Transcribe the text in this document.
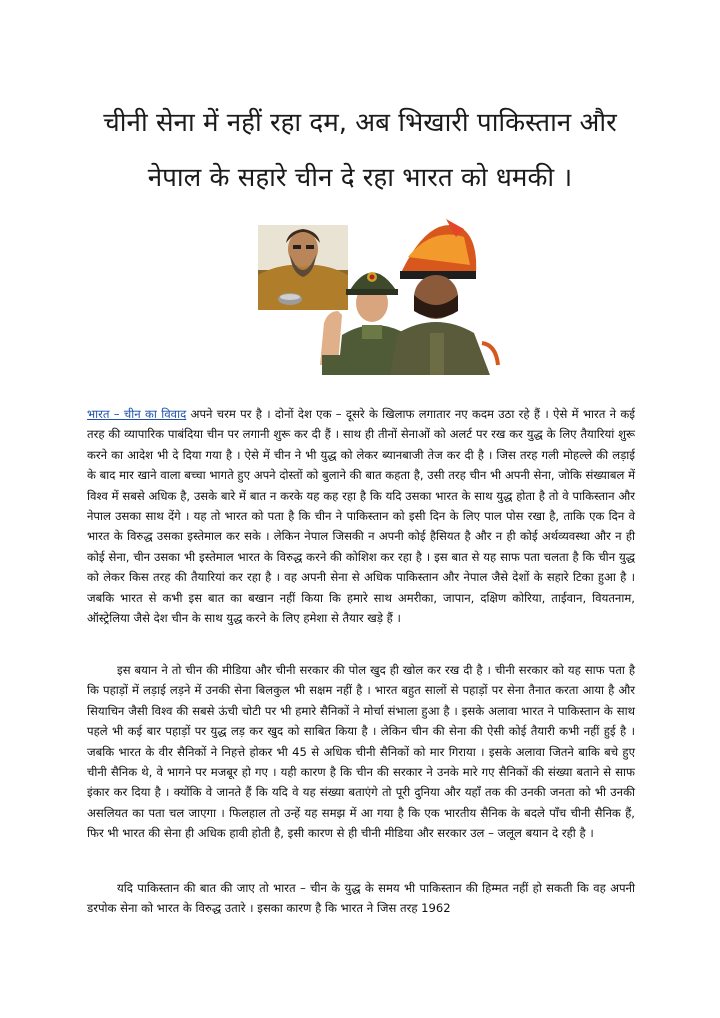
चीनी सेना में नहीं रहा दम, अब भिखारी पाकिस्तान और
नेपाल के सहारे चीन दे रहा भारत को धमकी ।

भारत – चीन का विवाद अपने चरम पर है । दोनों देश एक – दूसरे के खिलाफ लगातार नए कदम उठा रहे हैं । ऐसे में भारत ने कई तरह की व्यापारिक पाबंदिया चीन पर लगानी शुरू कर दी हैं । साथ ही तीनों सेनाओं को अलर्ट पर रख कर युद्ध के लिए तैयारियां शुरू करने का आदेश भी दे दिया गया है । ऐसे में चीन ने भी युद्ध को लेकर ब्यानबाजी तेज कर दी है । जिस तरह गली मोहल्ले की लड़ाई के बाद मार खाने वाला बच्चा भागते हुए अपने दोस्तों को बुलाने की बात कहता है, उसी तरह चीन भी अपनी सेना, जोकि संख्याबल में विश्व में सबसे अधिक है, उसके बारे में बात न करके यह कह रहा है कि यदि उसका भारत के साथ युद्ध होता है तो वे पाकिस्तान और नेपाल उसका साथ देंगे । यह तो भारत को पता है कि चीन ने पाकिस्तान को इसी दिन के लिए पाल पोस रखा है, ताकि एक दिन वे भारत के विरुद्ध उसका इस्तेमाल कर सके । लेकिन नेपाल जिसकी न अपनी कोई हैसियत है और न ही कोई अर्थव्यवस्था और न ही कोई सेना, चीन उसका भी इस्तेमाल भारत के विरुद्ध करने की कोशिश कर रहा है । इस बात से यह साफ पता चलता है कि चीन युद्ध को लेकर किस तरह की तैयारियां कर रहा है । वह अपनी सेना से अधिक पाकिस्तान और नेपाल जैसे देशों के सहारे टिका हुआ है । जबकि भारत से कभी इस बात का बखान नहीं किया कि हमारे साथ अमरीका, जापान, दक्षिण कोरिया, ताईवान, वियतनाम, ऑस्ट्रेलिया जैसे देश चीन के साथ युद्ध करने के लिए हमेशा से तैयार खड़े हैं ।

इस बयान ने तो चीन की मीडिया और चीनी सरकार की पोल खुद ही खोल कर रख दी है । चीनी सरकार को यह साफ पता है कि पहाड़ों में लड़ाई लड़ने में उनकी सेना बिलकुल भी सक्षम नहीं है । भारत बहुत सालों से पहाड़ों पर सेना तैनात करता आया है और सियाचिन जैसी विश्व की सबसे ऊंची चोटी पर भी हमारे सैनिकों ने मोर्चा संभाला हुआ है । इसके अलावा भारत ने पाकिस्तान के साथ पहले भी कई बार पहाड़ों पर युद्ध लड़ कर खुद को साबित किया है । लेकिन चीन की सेना की ऐसी कोई तैयारी कभी नहीं हुई है । जबकि भारत के वीर सैनिकों ने निहत्ते होकर भी 45 से अधिक चीनी सैनिकों को मार गिराया । इसके अलावा जितने बाकि बचे हुए चीनी सैनिक थे, वे भागने पर मजबूर हो गए । यही कारण है कि चीन की सरकार ने उनके मारे गए सैनिकों की संख्या बताने से साफ इंकार कर दिया है । क्योंकि वे जानते हैं कि यदि वे यह संख्या बताएंगे तो पूरी दुनिया और यहाँ तक की उनकी जनता को भी उनकी असलियत का पता चल जाएगा । फिलहाल तो उन्हें यह समझ में आ गया है कि एक भारतीय सैनिक के बदले पाँच चीनी सैनिक हैं, फिर भी भारत की सेना ही अधिक हावी होती है, इसी कारण से ही चीनी मीडिया और सरकार उल – जलूल बयान दे रही है ।

यदि पाकिस्तान की बात की जाए तो भारत – चीन के युद्ध के समय भी पाकिस्तान की हिम्मत नहीं हो सकती कि वह अपनी डरपोक सेना को भारत के विरुद्ध उतारे । इसका कारण है कि भारत ने जिस तरह 1962
